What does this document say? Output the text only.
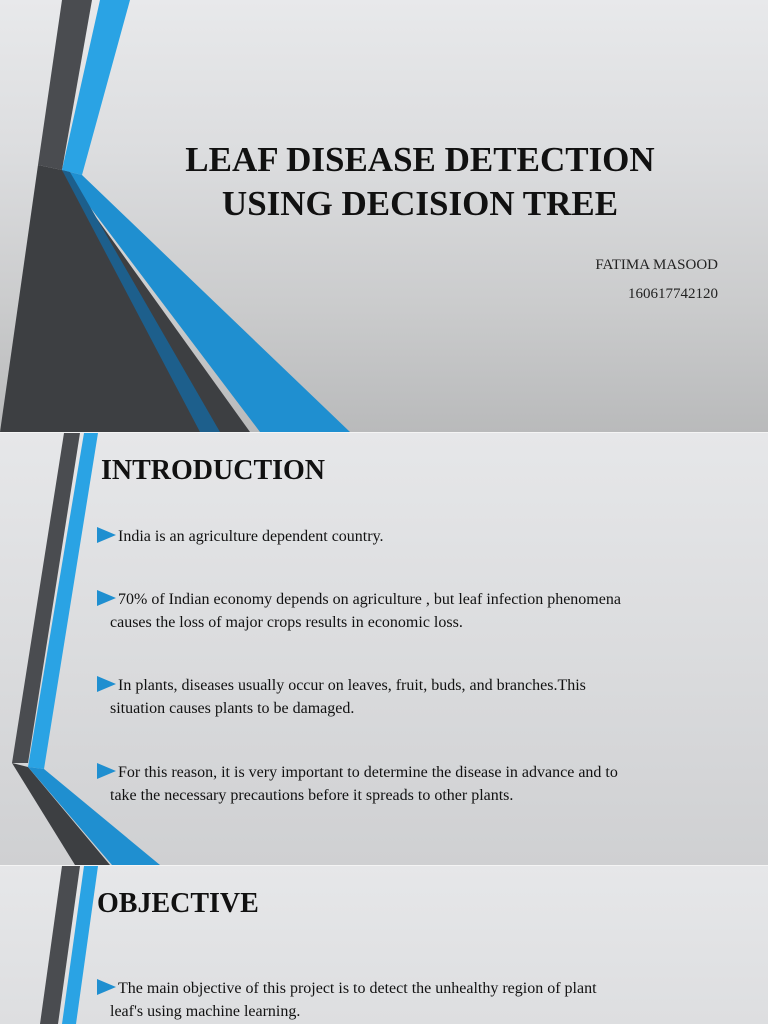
LEAF DISEASE DETECTION
USING DECISION TREE
FATIMA MASOOD
160617742120
INTRODUCTION
India is an agriculture dependent country.
70% of Indian economy depends on agriculture , but leaf infection phenomena
causes the loss of major crops results in economic loss.
In plants, diseases usually occur on leaves, fruit, buds, and branches.This
situation causes plants to be damaged.
For this reason, it is very important to determine the disease in advance and to
take the necessary precautions before it spreads to other plants.
OBJECTIVE
The main objective of this project is to detect the unhealthy region of plant
leaf's using machine learning.
